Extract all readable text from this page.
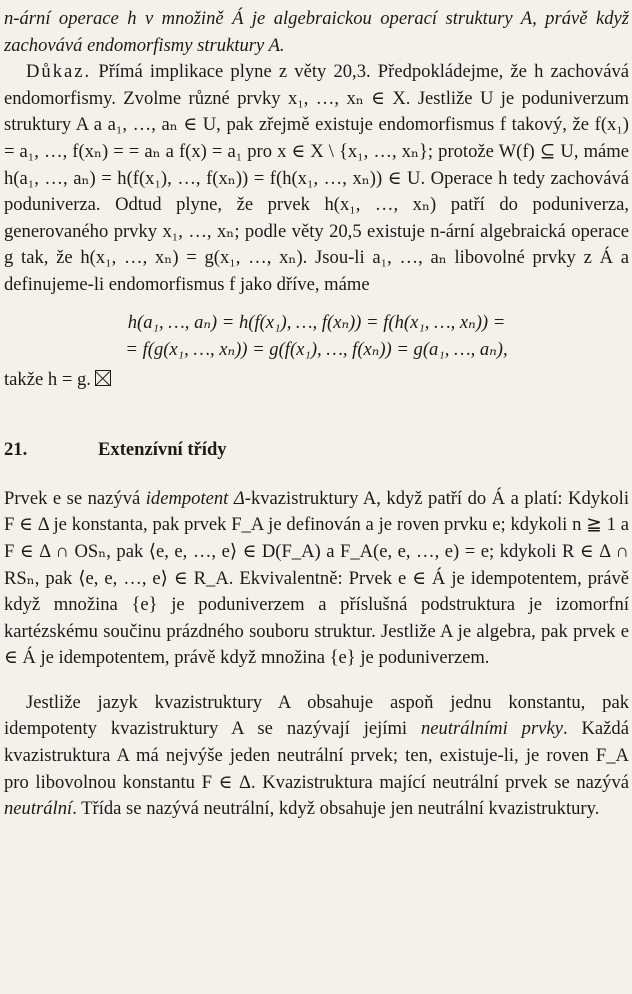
n-ární operace h v množině Á je algebraickou operací struktury A, právě když zachovává endomorfismy struktury A.

Důkaz. Přímá implikace plyne z věty 20,3. Předpokládejme, že h zachovává endomorfismy. Zvolme různé prvky x₁, …, xₙ ∈ X. Jestliže U je poduniverzum struktury A a a₁, …, aₙ ∈ U, pak zřejmě existuje endomorfismus f takový, že f(x₁) = a₁, …, f(xₙ) = = aₙ a f(x) = a₁ pro x ∈ X \ {x₁, …, xₙ}; protože W(f) ⊆ U, máme h(a₁, …, aₙ) = h(f(x₁), …, f(xₙ)) = f(h(x₁, …, xₙ)) ∈ U. Operace h tedy zachovává poduniverza. Odtud plyne, že prvek h(x₁, …, xₙ) patří do poduniverza, generovaného prvky x₁, …, xₙ; podle věty 20,5 existuje n-ární algebraická operace g tak, že h(x₁, …, xₙ) = g(x₁, …, xₙ). Jsou-li a₁, …, aₙ libovolné prvky z Á a definujeme-li endomorfismus f jako dříve, máme

h(a₁, …, aₙ) = h(f(x₁), …, f(xₙ)) = f(h(x₁, …, xₙ)) =
= f(g(x₁, …, xₙ)) = g(f(x₁), …, f(xₙ)) = g(a₁, …, aₙ),

takže h = g.

21.	Extenzívní třídy

Prvek e se nazývá idempotent Δ-kvazistruktury A, když patří do Á a platí: Kdykoli F ∈ Δ je konstanta, pak prvek F_A je definován a je roven prvku e; kdykoli n ≧ 1 a F ∈ Δ ∩ OSₙ, pak ⟨e, e, …, e⟩ ∈ D(F_A) a F_A(e, e, …, e) = e; kdykoli R ∈ Δ ∩ RSₙ, pak ⟨e, e, …, e⟩ ∈ R_A. Ekvivalentně: Prvek e ∈ Á je idempotentem, právě když množina {e} je poduniverzem a příslušná podstruktura je izomorfní kartézskému součinu prázdného souboru struktur. Jestliže A je algebra, pak prvek e ∈ Á je idempotentem, právě když množina {e} je poduniverzem.

Jestliže jazyk kvazistruktury A obsahuje aspoň jednu konstantu, pak idempotenty kvazistruktury A se nazývají jejími neutrálními prvky. Každá kvazistruktura A má nejvýše jeden neutrální prvek; ten, existuje-li, je roven F_A pro libovolnou konstantu F ∈ Δ. Kvazistruktura mající neutrální prvek se nazývá neutrální. Třída se nazývá neutrální, když obsahuje jen neutrální kvazistruktury.
